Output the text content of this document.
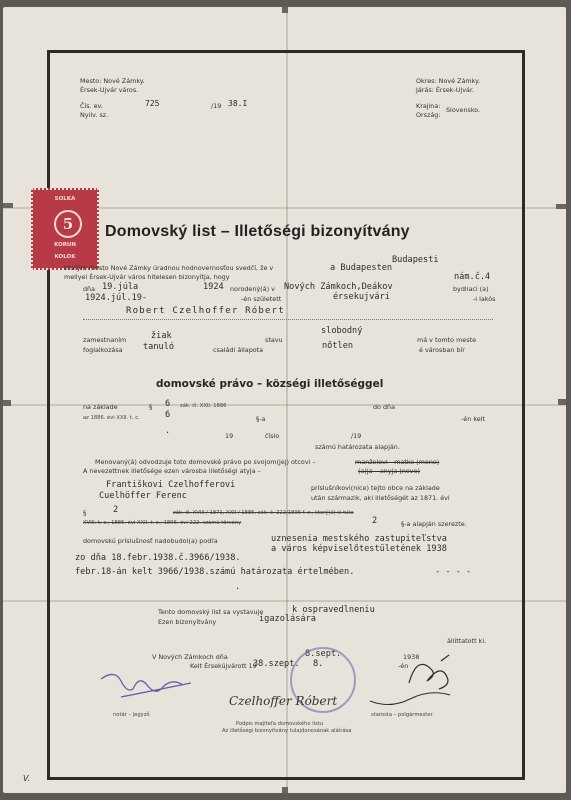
Mesto: Nové Zámky.
Érsek-Ujvár város.
Čís. ev.	725	/19 38.I
Nyilv. sz.
Okres: Nové Zámky.
Járás: Érsek-Ujvár.
Krajina:
Ország:
Slovensko.
SOLKA
5
KORUN
KOLOK
Domovský list – Illetőségi bizonyítvány
Budapesti
ktorým mesto Nové Zámky úradnou hodnovernosťou svedčí, že v	a Budapesten
mellyel Érsek-Ujvár város hitelesen bizonyítja, hogy	nám.č.4
dňa 19.júla	1924 norodený(á) v Nových Zámkoch,Deákov	bydliaci (a)
1924.júl.19-	-én született	érsekujvári	-i lakós
Robert Czelhoffer Róbert
zamestnaním	žiak	stavu
slobodný
má v tomto meste
foglalkozása tanuló	családi állapota	nőtlen	é városban bír
domovské právo – községi illetőséggel
na základe	§ 6 zák. čl. XXII. 1886	do dňa
az 1886. évi XXII. t. c.	6	§-a	-én kelt
.	19	číslo	/19
számú határozata alapján.
Menovaný(á) odvodzuje toto domovské právo po svojom(jej) otcovi –	manželovi - matke (mene)
A nevezettnek illetősége ezen városba illetőségi atyja –	(a)ja – anyja (neve)
Františkovi Czelhofferovi	príslušníkovi(nice) tejto obce na základe
Cuelhöffer Ferenc	után származik, aki illetőségét az 1871. évi
§	2	zák. čl. XVIII / 1871, XXII / 1886, zák. č. 222/1896 f. z., ktorý(á) si túto
XVIII. t. c., 1886. évi XXII. t. c., 1896. évi 222. számú törvény	2	§-a alapján szerezte.
domovskú príslušnosť nadobudol(a) podľa	uznesenia mestského zastupiteľstva
a város képviselőtestületének 1938
zo dňa 18.febr.1938.č.3966/1938.
febr.18-án kelt 3966/1938.számú határozata értelmében.	- - - -
.
Tento domovský list sa vystavuje	k ospravedlneniu
Ezen bizonyítvány	igazolására
állíttatott ki.
V Nových Zámkoch dňa	8.sept.	1938
Kelt Érsekújvárott 19
38.szept. 8.	-én
notár – jegyző	starosta – polgármester
Czelhoffer Róbert
Podpis majiteľa domovského listu
Az illetőségi bizonyítvány tulajdonosának aláírása
V.
